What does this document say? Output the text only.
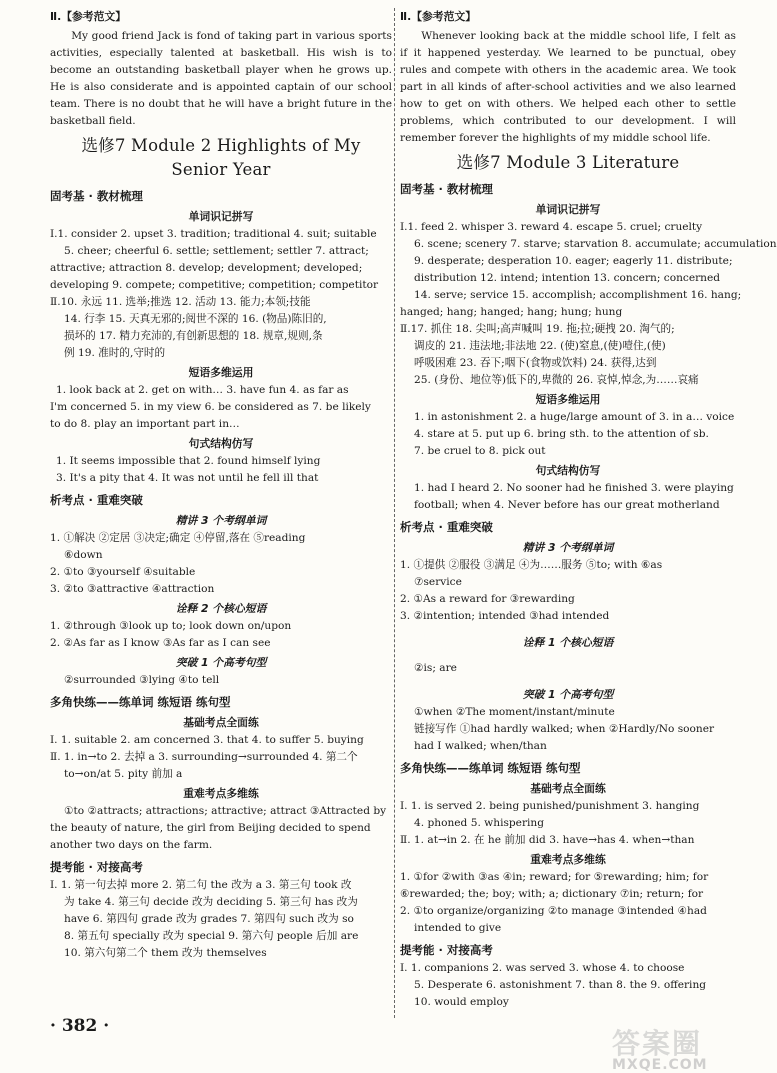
Ⅱ.【参考范文】
My good friend Jack is fond of taking part in various sports activities, especially talented at basketball. His wish is to become an outstanding basketball player when he grows up. He is also considerate and is appointed captain of our school team. There is no doubt that he will have a bright future in the basketball field.
选修7 Module 2 Highlights of My
Senior Year
固考基 · 教材梳理
单词识记拼写
Ⅰ.1. consider 2. upset 3. tradition; traditional 4. suit; suitable
5. cheer; cheerful 6. settle; settlement; settler 7. attract;
attractive; attraction 8. develop; development; developed;
developing 9. compete; competitive; competition; competitor
Ⅱ.10. 永远 11. 选举;推选 12. 活动 13. 能力;本领;技能
14. 行李 15. 天真无邪的;阅世不深的 16. (物品)陈旧的,
损坏的 17. 精力充沛的,有创新思想的 18. 规章,规则,条
例 19. 准时的,守时的
短语多维运用
1. look back at 2. get on with… 3. have fun 4. as far as
I'm concerned 5. in my view 6. be considered as 7. be likely
to do 8. play an important part in…
句式结构仿写
1. It seems impossible that 2. found himself lying
3. It's a pity that 4. It was not until he fell ill that
析考点 · 重难突破
精讲 3 个考纲单词
1. ①解决 ②定居 ③决定;确定 ④停留,落在 ⑤reading
⑥down
2. ①to ③yourself ④suitable
3. ②to ③attractive ④attraction
诠释 2 个核心短语
1. ②through ③look up to; look down on/upon
2. ②As far as I know ③As far as I can see
突破 1 个高考句型
②surrounded ③lying ④to tell
多角快练——练单词 练短语 练句型
基础考点全面练
Ⅰ. 1. suitable 2. am concerned 3. that 4. to suffer 5. buying
Ⅱ. 1. in→to 2. 去掉 a 3. surrounding→surrounded 4. 第二个
to→on/at 5. pity 前加 a
重难考点多维练
①to ②attracts; attractions; attractive; attract ③Attracted by
the beauty of nature, the girl from Beijing decided to spend
another two days on the farm.
提考能 · 对接高考
Ⅰ. 1. 第一句去掉 more 2. 第二句 the 改为 a 3. 第三句 took 改
为 take 4. 第三句 decide 改为 deciding 5. 第三句 has 改为
have 6. 第四句 grade 改为 grades 7. 第四句 such 改为 so
8. 第五句 specially 改为 special 9. 第六句 people 后加 are
10. 第六句第二个 them 改为 themselves
Ⅱ.【参考范文】
Whenever looking back at the middle school life, I felt as if it happened yesterday. We learned to be punctual, obey rules and compete with others in the academic area. We took part in all kinds of after-school activities and we also learned how to get on with others. We helped each other to settle problems, which contributed to our development. I will remember forever the highlights of my middle school life.
选修7 Module 3 Literature
固考基 · 教材梳理
单词识记拼写
Ⅰ.1. feed 2. whisper 3. reward 4. escape 5. cruel; cruelty
6. scene; scenery 7. starve; starvation 8. accumulate; accumulation
9. desperate; desperation 10. eager; eagerly 11. distribute;
distribution 12. intend; intention 13. concern; concerned
14. serve; service 15. accomplish; accomplishment 16. hang;
hanged; hang; hanged; hang; hung; hung
Ⅱ.17. 抓住 18. 尖叫;高声喊叫 19. 拖;拉;硬拽 20. 淘气的;
调皮的 21. 违法地;非法地 22. (使)窒息,(使)噎住,(使)
呼吸困难 23. 吞下;咽下(食物或饮料) 24. 获得,达到
25. (身份、地位等)低下的,卑微的 26. 哀悼,悼念,为……哀痛
短语多维运用
1. in astonishment 2. a huge/large amount of 3. in a… voice
4. stare at 5. put up 6. bring sth. to the attention of sb.
7. be cruel to 8. pick out
句式结构仿写
1. had I heard 2. No sooner had he finished 3. were playing
football; when 4. Never before has our great motherland
析考点 · 重难突破
精讲 3 个考纲单词
1. ①提供 ②服役 ③满足 ④为……服务 ⑤to; with ⑥as
⑦service
2. ①As a reward for ③rewarding
3. ②intention; intended ③had intended
诠释 1 个核心短语
②is; are
突破 1 个高考句型
①when ②The moment/instant/minute
链接写作 ①had hardly walked; when ②Hardly/No sooner
had I walked; when/than
多角快练——练单词 练短语 练句型
基础考点全面练
Ⅰ. 1. is served 2. being punished/punishment 3. hanging
4. phoned 5. whispering
Ⅱ. 1. at→in 2. 在 he 前加 did 3. have→has 4. when→than
重难考点多维练
1. ①for ②with ③as ④in; reward; for ⑤rewarding; him; for
⑥rewarded; the; boy; with; a; dictionary ⑦in; return; for
2. ①to organize/organizing ②to manage ③intended ④had
intended to give
提考能 · 对接高考
Ⅰ. 1. companions 2. was served 3. whose 4. to choose
5. Desperate 6. astonishment 7. than 8. the 9. offering
10. would employ
· 382 ·
答案圈
MXQE.COM
